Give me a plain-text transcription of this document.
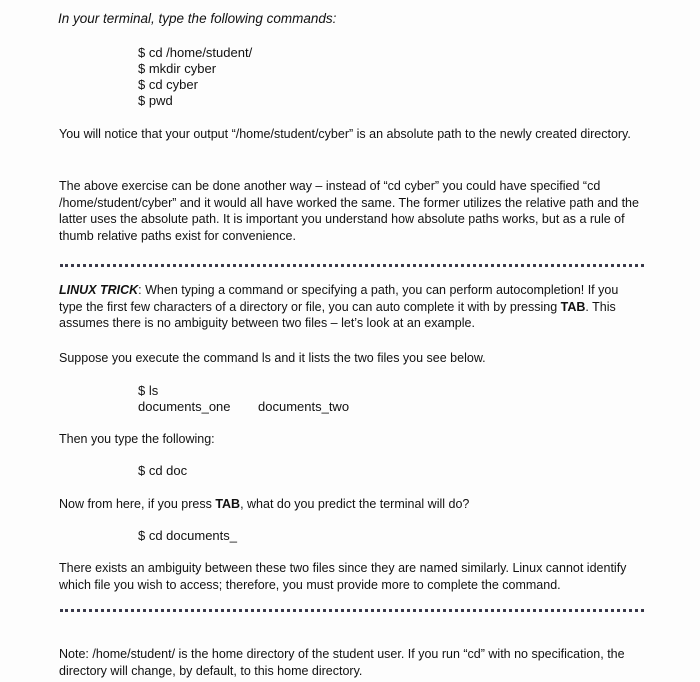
In your terminal, type the following commands:
$ cd /home/student/
$ mkdir cyber
$ cd cyber
$ pwd
You will notice that your output “/home/student/cyber” is an absolute path to the newly created directory.
The above exercise can be done another way – instead of “cd cyber” you could have specified “cd /home/student/cyber” and it would all have worked the same. The former utilizes the relative path and the latter uses the absolute path. It is important you understand how absolute paths works, but as a rule of thumb relative paths exist for convenience.
LINUX TRICK: When typing a command or specifying a path, you can perform autocompletion! If you type the first few characters of a directory or file, you can auto complete it with by pressing TAB. This assumes there is no ambiguity between two files – let’s look at an example.
Suppose you execute the command ls and it lists the two files you see below.
$ ls
documents_one documents_two
Then you type the following:
$ cd doc
Now from here, if you press TAB, what do you predict the terminal will do?
$ cd documents_
There exists an ambiguity between these two files since they are named similarly. Linux cannot identify which file you wish to access; therefore, you must provide more to complete the command.
Note: /home/student/ is the home directory of the student user. If you run “cd” with no specification, the directory will change, by default, to this home directory.
